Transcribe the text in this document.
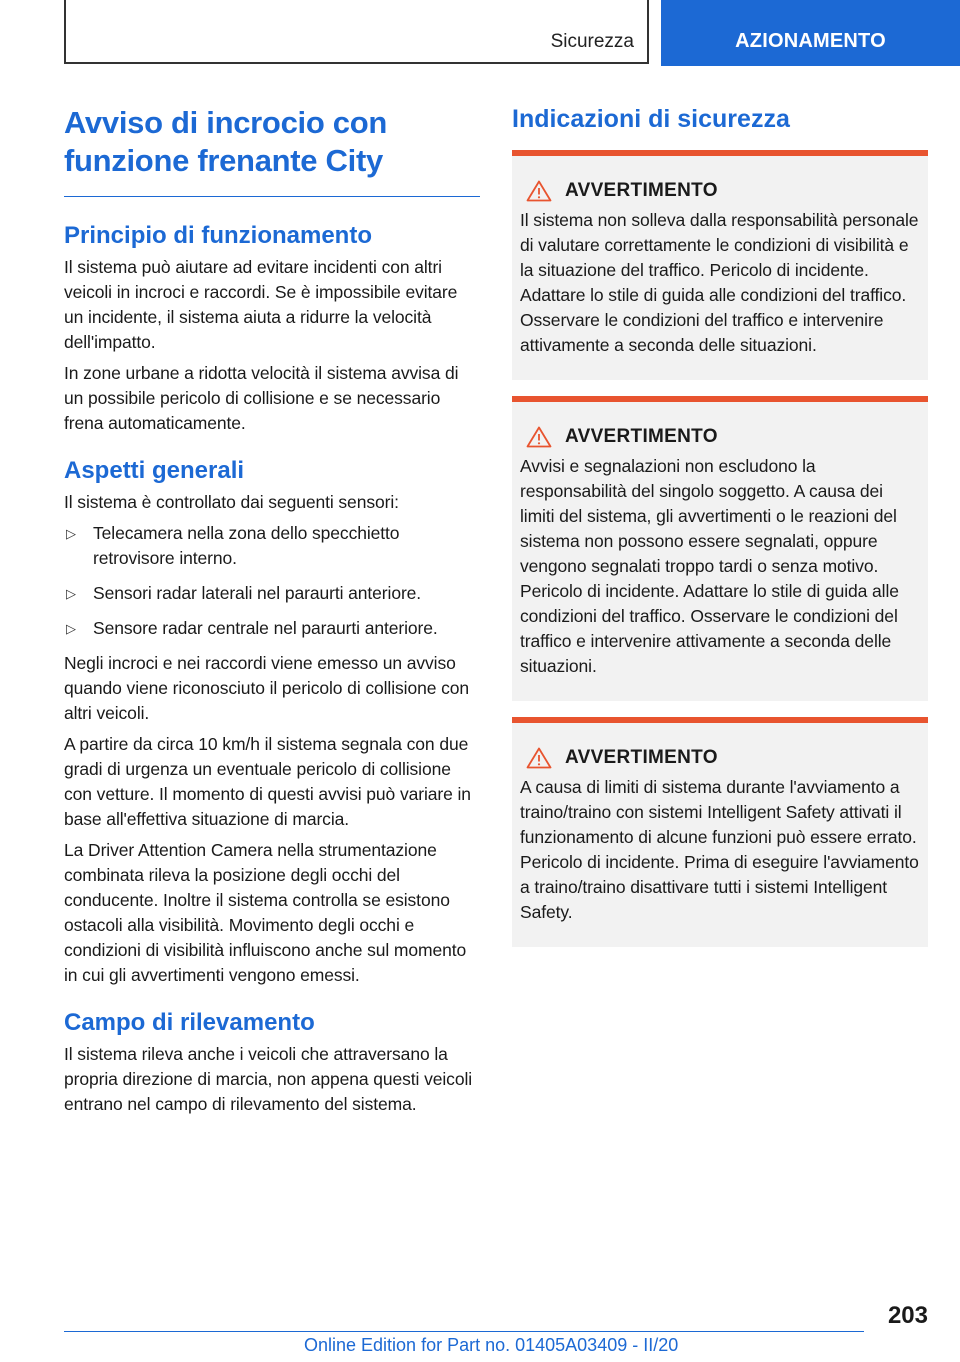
Sicurezza	AZIONAMENTO
Avviso di incrocio con funzione frenante City
Principio di funzionamento

Il sistema può aiutare ad evitare incidenti con altri veicoli in incroci e raccordi. Se è impossibile evitare un incidente, il sistema aiuta a ridurre la velocità dell'impatto.

In zone urbane a ridotta velocità il sistema avvisa di un possibile pericolo di collisione e se necessario frena automaticamente.

Aspetti generali

Il sistema è controllato dai seguenti sensori:

▷ Telecamera nella zona dello specchietto retrovisore interno.
▷ Sensori radar laterali nel paraurti anteriore.
▷ Sensore radar centrale nel paraurti anteriore.

Negli incroci e nei raccordi viene emesso un avviso quando viene riconosciuto il pericolo di collisione con altri veicoli.

A partire da circa 10 km/h il sistema segnala con due gradi di urgenza un eventuale pericolo di collisione con vetture. Il momento di questi avvisi può variare in base all'effettiva situazione di marcia.

La Driver Attention Camera nella strumentazione combinata rileva la posizione degli occhi del conducente. Inoltre il sistema controlla se esistono ostacoli alla visibilità. Movimento degli occhi e condizioni di visibilità influiscono anche sul momento in cui gli avvertimenti vengono emessi.

Campo di rilevamento

Il sistema rileva anche i veicoli che attraversano la propria direzione di marcia, non appena questi veicoli entrano nel campo di rilevamento del sistema.

Indicazioni di sicurezza
AVVERTIMENTO
Il sistema non solleva dalla responsabilità personale di valutare correttamente le condizioni di visibilità e la situazione del traffico. Pericolo di incidente. Adattare lo stile di guida alle condizioni del traffico. Osservare le condizioni del traffico e intervenire attivamente a seconda delle situazioni.
AVVERTIMENTO
Avvisi e segnalazioni non escludono la responsabilità del singolo soggetto. A causa dei limiti del sistema, gli avvertimenti o le reazioni del sistema non possono essere segnalati, oppure vengono segnalati troppo tardi o senza motivo. Pericolo di incidente. Adattare lo stile di guida alle condizioni del traffico. Osservare le condizioni del traffico e intervenire attivamente a seconda delle situazioni.
AVVERTIMENTO
A causa di limiti di sistema durante l'avviamento a traino/traino con sistemi Intelligent Safety attivati il funzionamento di alcune funzioni può essere errato. Pericolo di incidente. Prima di eseguire l'avviamento a traino/traino disattivare tutti i sistemi Intelligent Safety.
203
Online Edition for Part no. 01405A03409 - II/20
